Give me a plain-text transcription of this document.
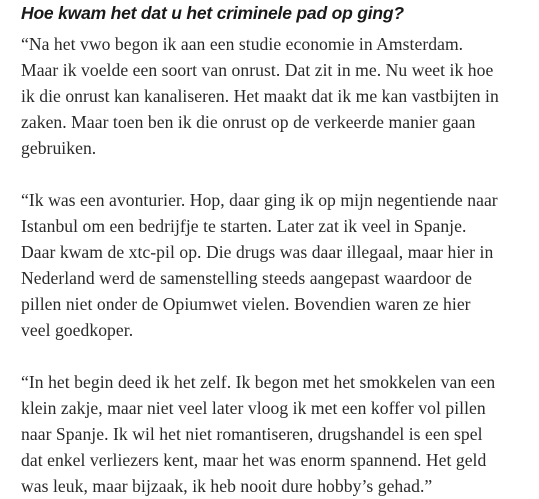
Hoe kwam het dat u het criminele pad op ging?

“Na het vwo begon ik aan een studie economie in Amsterdam.
Maar ik voelde een soort van onrust. Dat zit in me. Nu weet ik hoe
ik die onrust kan kanaliseren. Het maakt dat ik me kan vastbijten in
zaken. Maar toen ben ik die onrust op de verkeerde manier gaan
gebruiken.

“Ik was een avonturier. Hop, daar ging ik op mijn negentiende naar
Istanbul om een bedrijfje te starten. Later zat ik veel in Spanje.
Daar kwam de xtc-pil op. Die drugs was daar illegaal, maar hier in
Nederland werd de samenstelling steeds aangepast waardoor de
pillen niet onder de Opiumwet vielen. Bovendien waren ze hier
veel goedkoper.

“In het begin deed ik het zelf. Ik begon met het smokkelen van een
klein zakje, maar niet veel later vloog ik met een koffer vol pillen
naar Spanje. Ik wil het niet romantiseren, drugshandel is een spel
dat enkel verliezers kent, maar het was enorm spannend. Het geld
was leuk, maar bijzaak, ik heb nooit dure hobby’s gehad.”
